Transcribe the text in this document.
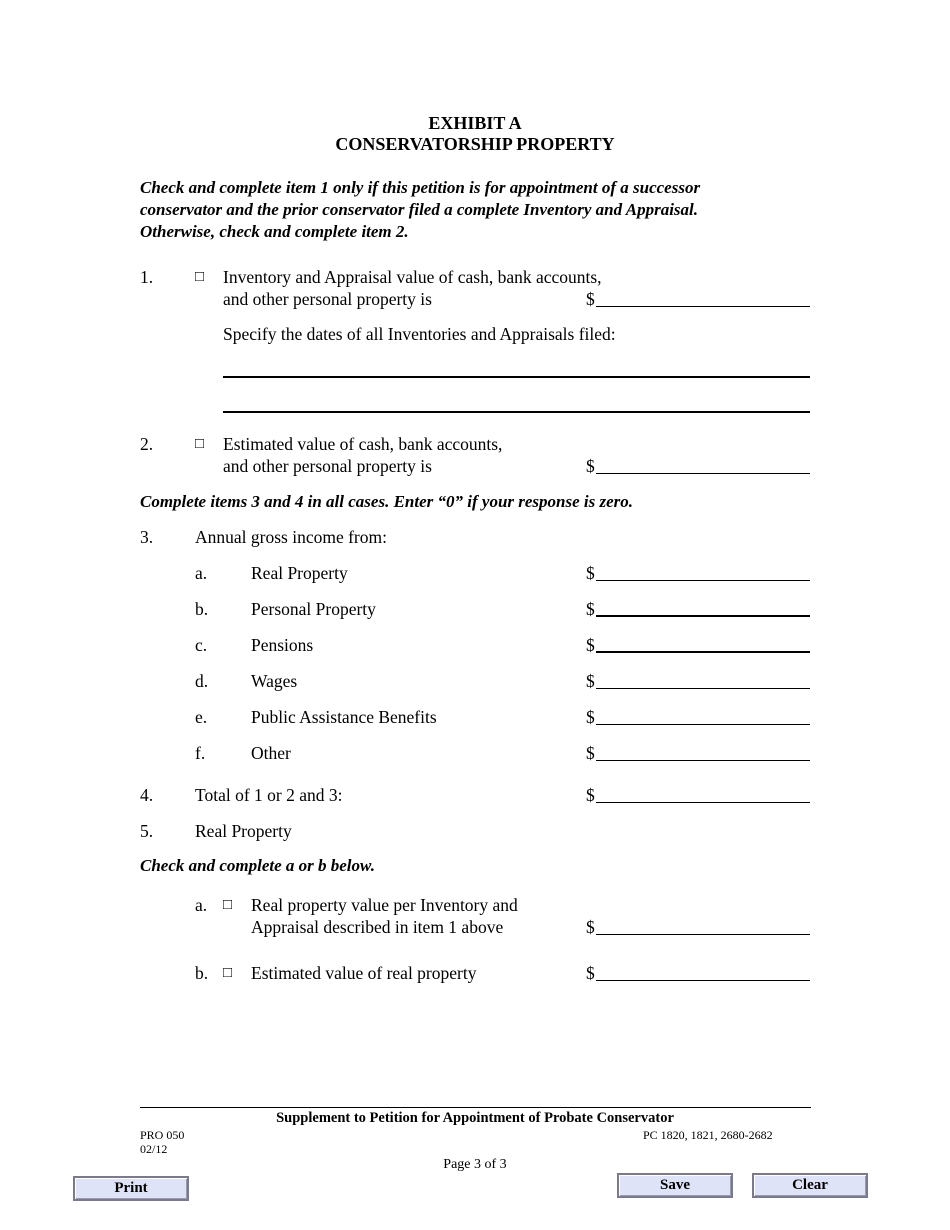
EXHIBIT A
CONSERVATORSHIP PROPERTY
Check and complete item 1 only if this petition is for appointment of a successor
conservator and the prior conservator filed a complete Inventory and Appraisal.
Otherwise, check and complete item 2.
1.	□ Inventory and Appraisal value of cash, bank accounts,
and other personal property is	$
Specify the dates of all Inventories and Appraisals filed:
2.	□ Estimated value of cash, bank accounts,
and other personal property is	$
Complete items 3 and 4 in all cases. Enter “0” if your response is zero.
3. Annual gross income from:
a.	Real Property	$
b. Personal Property	$
c.	Pensions	$
d. Wages	$
e.	Public Assistance Benefits	$
f.	Other	$
4. Total of 1 or 2 and 3:	$
5. Real Property
Check and complete a or b below.
a. □ Real property value per Inventory and
Appraisal described in item 1 above	$
b. □ Estimated value of real property	$
Supplement to Petition for Appointment of Probate Conservator
PRO 050
02/12
PC 1820, 1821, 2680-2682
Page 3 of 3
Print	Save	Clear
